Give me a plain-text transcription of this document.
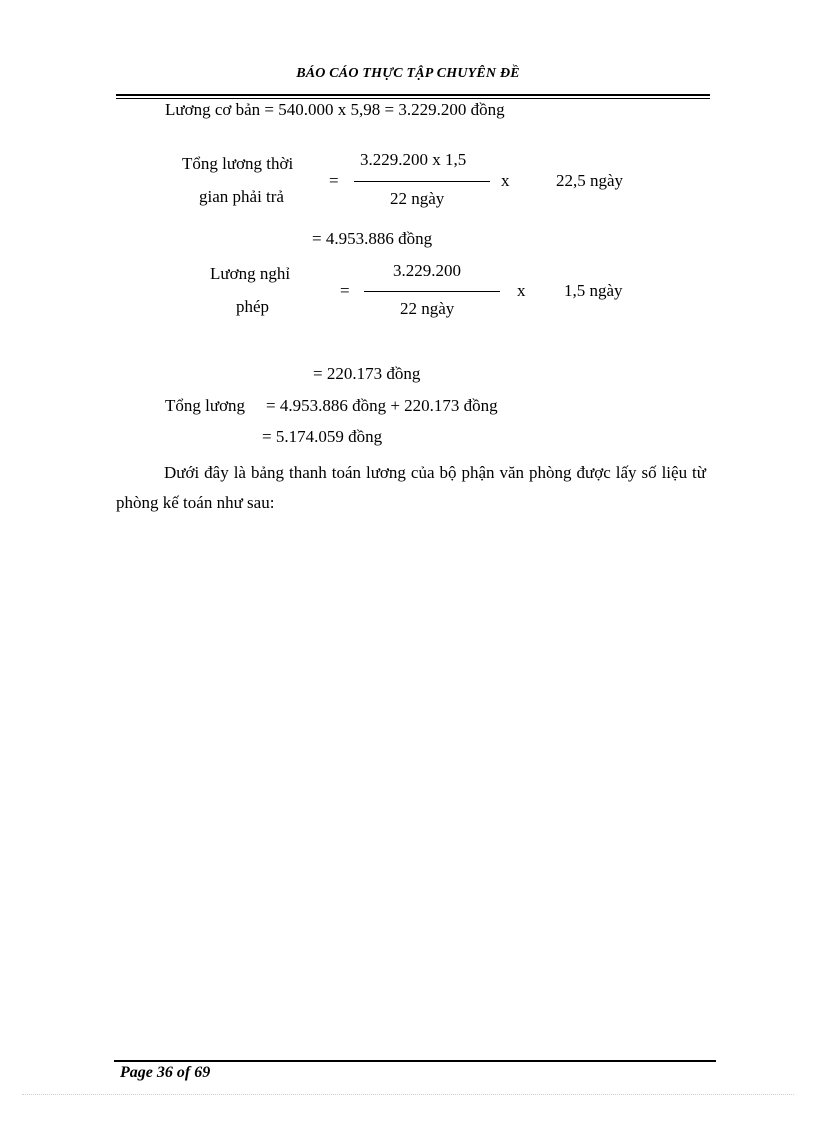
BÁO CÁO THỰC TẬP CHUYÊN ĐỀ
Lương cơ bản = 540.000 x 5,98 = 3.229.200 đồng
Tổng lương thời
gian phải trả
=
3.229.200 x 1,5
22 ngày
x	22,5 ngày
= 4.953.886 đồng
Lương nghỉ
phép
=
3.229.200
22 ngày
x 1,5 ngày
= 220.173 đồng
Tổng lương = 4.953.886 đồng + 220.173 đồng
= 5.174.059 đồng
Dưới đây là bảng thanh toán lương của bộ phận văn phòng được lấy số liệu từ phòng kế toán như sau:
Page 36 of 69
